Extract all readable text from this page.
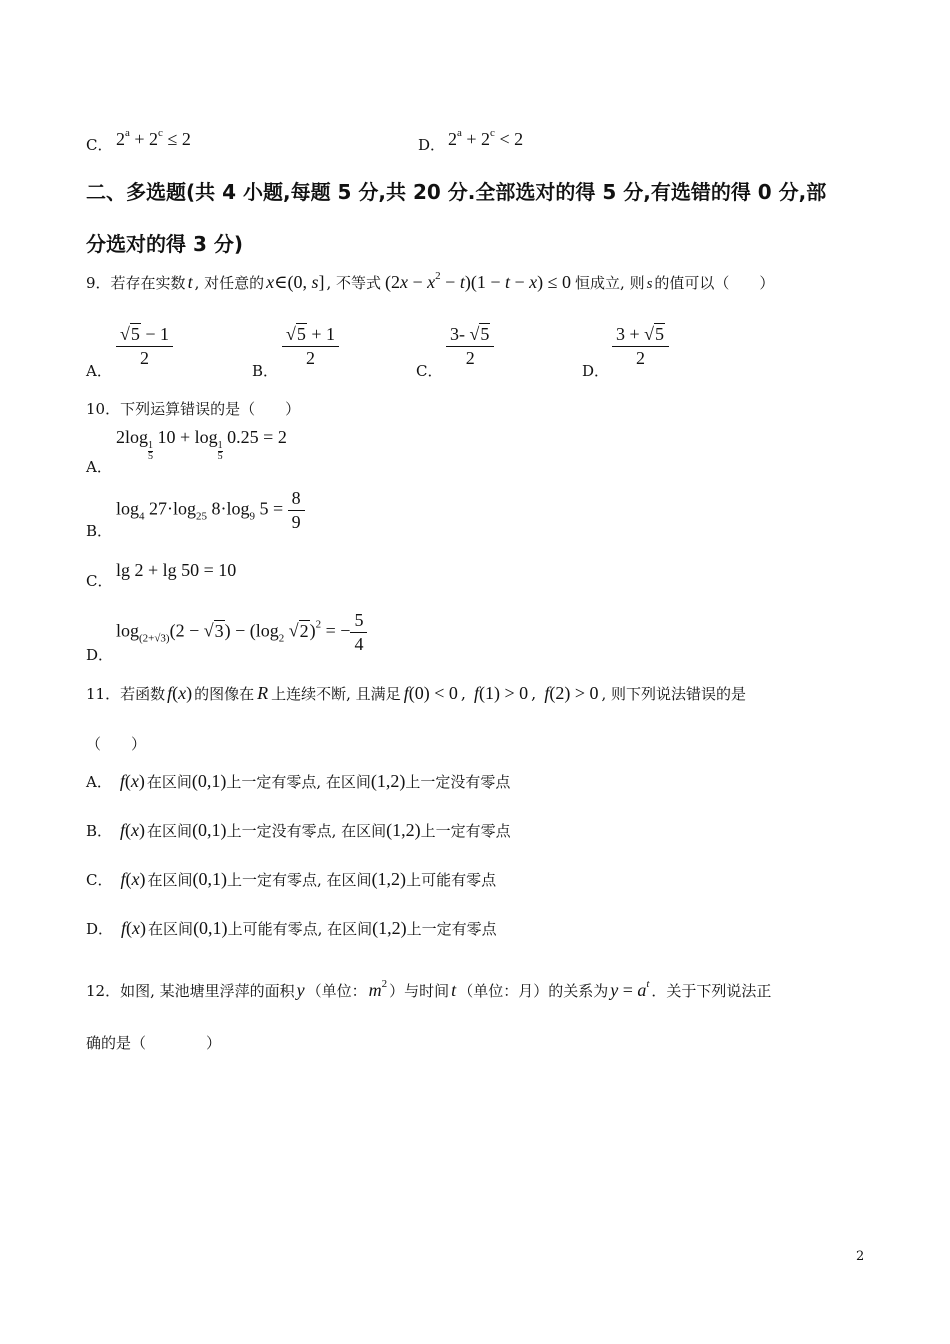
C． $2^a + 2^c \le 2$	D． $2^a + 2^c < 2$
二、多选题(共 4 小题,每题 5 分,共 20 分.全部选对的得 5 分,有选错的得 0 分,部
分选对的得 3 分)
9．若存在实数 t , 对任意的 x∈(0, s] , 不等式 $(2x - x^2 - t)(1 - t - x) \le 0$ 恒成立, 则 s 的值可以（　　）
A．
$\frac{√5 - 1}{2}$
B．
$\frac{√5 + 1}{2}$
C．
$\frac{3- √5}{2}$
D．
$\frac{3 + √5}{2}$
10．下列运算错误的是（　　）
A．
2log
$\frac{1}{5}$
10 + log
$\frac{1}{5}$
0.25 = 2
B．
$\log_4 27\cdot\log_{25}$ $8\cdot\log_9$ $5 = \frac{8}{9}$
C．
lg 2 + lg 50 = 10
D．
$\log_{(2+√3)}(2 - √3) - (\log_2$ √2)$^2$ = − $\frac{5}{4}$
11．若函数 f(x) 的图像在 R 上连续不断, 且满足 f(0) < 0 , f(1) > 0 , f(2) > 0 , 则下列说法错误的是
（　　）
A． f(x) 在区间(0,1)上一定有零点, 在区间(1,2)上一定没有零点
B． f(x) 在区间(0,1)上一定没有零点, 在区间(1,2)上一定有零点
C． f(x) 在区间(0,1)上一定有零点, 在区间(1,2)上可能有零点
D． f(x) 在区间(0,1)上可能有零点, 在区间(1,2)上一定有零点
12．如图, 某池塘里浮萍的面积 y （单位： $m^2$ ）与时间 t （单位：月）的关系为 $y = a^t$ ．关于下列说法正
确的是（　　　　）
2
